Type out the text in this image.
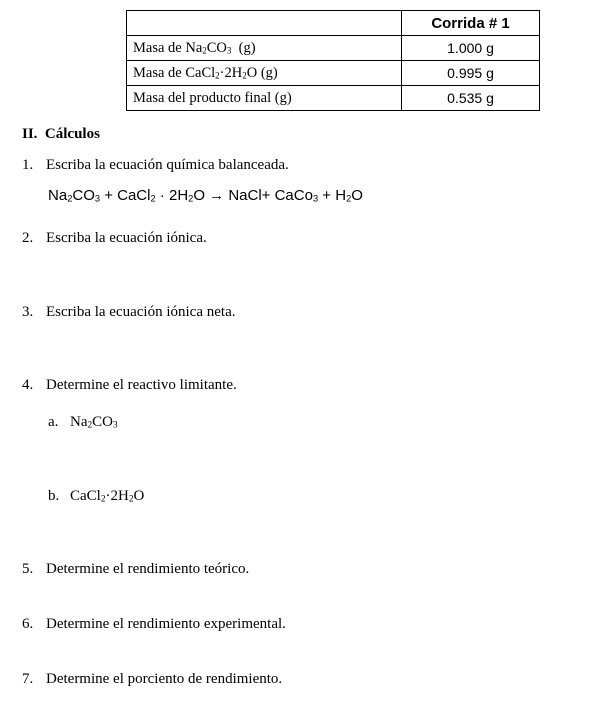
	Corrida # 1
Masa de $Na_2CO_3$  (g)	1.000 g
Masa de $CaCl_2\cdot 2H_2O$ (g)	0.995 g
Masa del producto final (g)	0.535 g
II.  Cálculos
1. Escriba la ecuación química balanceada.
$Na_2CO_3$ + CaCl$_2$ · $2H_2O$ → NaCl+ CaCo$_3$ + $H_2O$
2. Escriba la ecuación iónica.
3. Escriba la ecuación iónica neta.
4. Determine el reactivo limitante.
a. $Na_2CO_3$
b. $CaCl_2\cdot 2H_2O$
5. Determine el rendimiento teórico.
6. Determine el rendimiento experimental.
7. Determine el porciento de rendimiento.
